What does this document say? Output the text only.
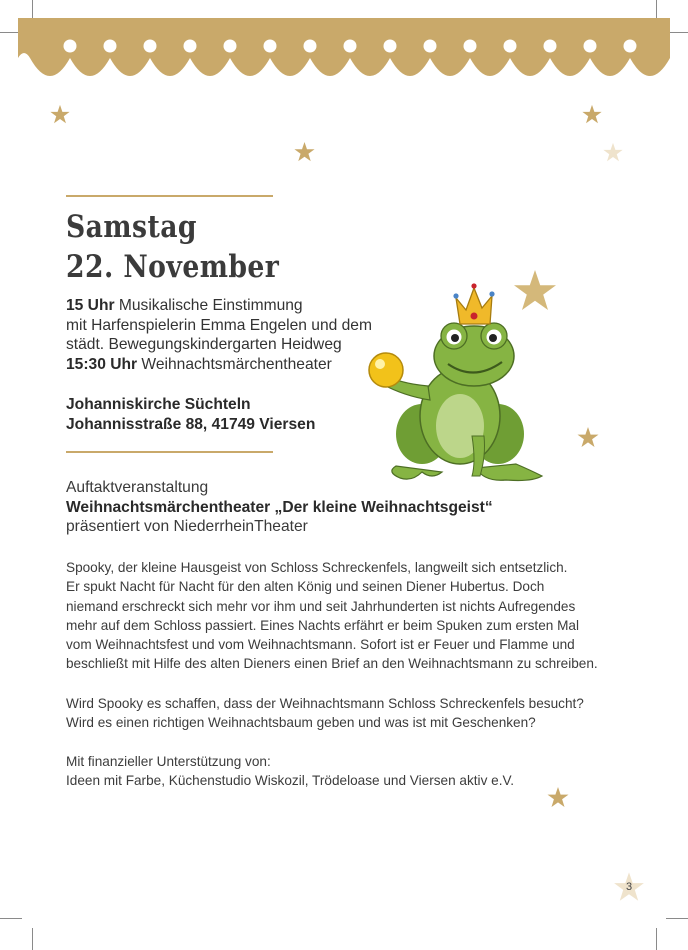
Samstag
22. November
15 Uhr Musikalische Einstimmung
mit Harfenspielerin Emma Engelen und dem
städt. Bewegungskindergarten Heidweg
15:30 Uhr Weihnachtsmärchentheater
Johanniskirche Süchteln
Johannisstraße 88, 41749 Viersen
Auftaktveranstaltung
Weihnachtsmärchentheater „Der kleine Weihnachtsgeist“
präsentiert von NiederrheinTheater
Spooky, der kleine Hausgeist von Schloss Schreckenfels, langweilt sich entsetzlich.
Er spukt Nacht für Nacht für den alten König und seinen Diener Hubertus. Doch
niemand erschreckt sich mehr vor ihm und seit Jahrhunderten ist nichts Aufregendes
mehr auf dem Schloss passiert. Eines Nachts erfährt er beim Spuken zum ersten Mal
vom Weihnachtsfest und vom Weihnachtsmann. Sofort ist er Feuer und Flamme und
beschließt mit Hilfe des alten Dieners einen Brief an den Weihnachtsmann zu schreiben.
Wird Spooky es schaffen, dass der Weihnachtsmann Schloss Schreckenfels besucht?
Wird es einen richtigen Weihnachtsbaum geben und was ist mit Geschenken?
Mit finanzieller Unterstützung von:
Ideen mit Farbe, Küchenstudio Wiskozil, Trödeloase und Viersen aktiv e.V.
3
